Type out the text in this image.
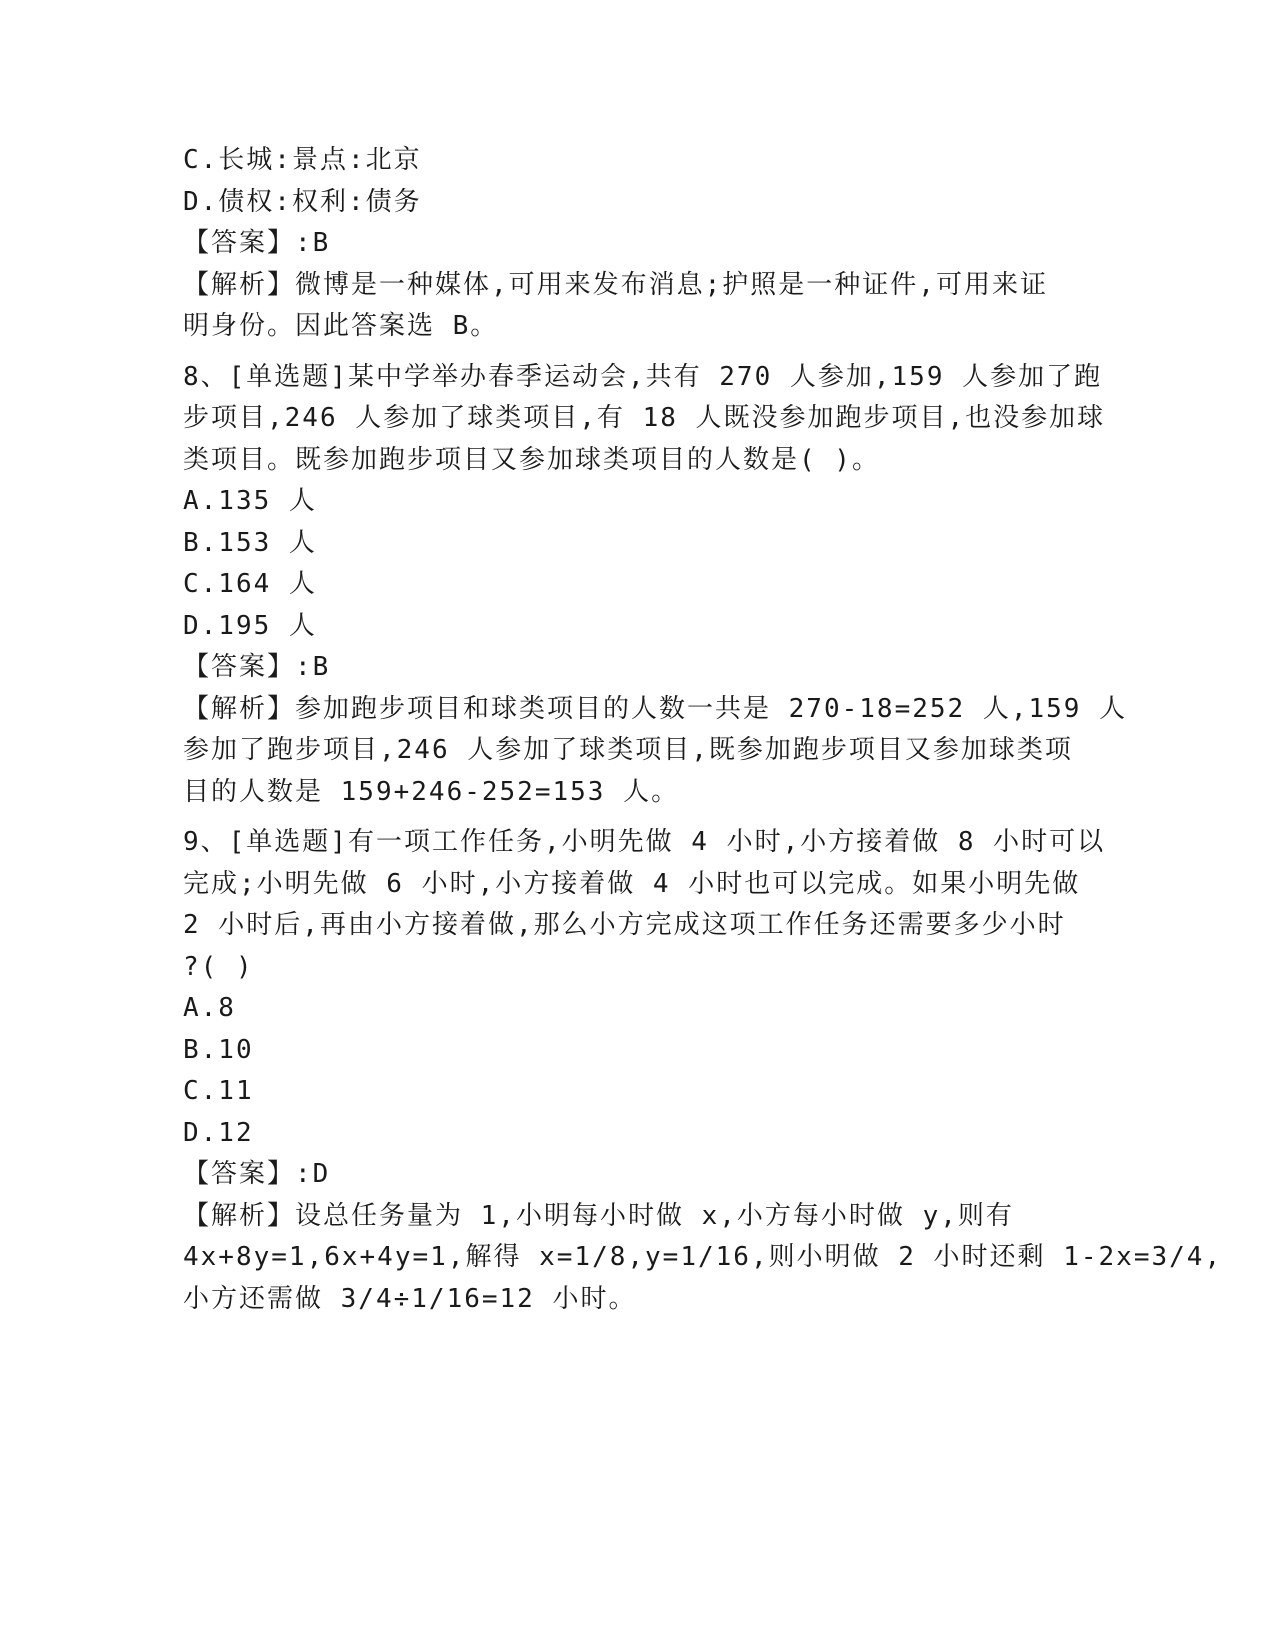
C.长城:景点:北京
D.债权:权利:债务
【答案】:B
【解析】微博是一种媒体,可用来发布消息;护照是一种证件,可用来证
明身份。因此答案选 B。
8、[单选题]某中学举办春季运动会,共有 270 人参加,159 人参加了跑
步项目,246 人参加了球类项目,有 18 人既没参加跑步项目,也没参加球
类项目。既参加跑步项目又参加球类项目的人数是( )。
A.135 人
B.153 人
C.164 人
D.195 人
【答案】:B
【解析】参加跑步项目和球类项目的人数一共是 270-18=252 人,159 人
参加了跑步项目,246 人参加了球类项目,既参加跑步项目又参加球类项
目的人数是 159+246-252=153 人。
9、[单选题]有一项工作任务,小明先做 4 小时,小方接着做 8 小时可以
完成;小明先做 6 小时,小方接着做 4 小时也可以完成。如果小明先做
2 小时后,再由小方接着做,那么小方完成这项工作任务还需要多少小时
?( )
A.8
B.10
C.11
D.12
【答案】:D
【解析】设总任务量为 1,小明每小时做 x,小方每小时做 y,则有
4x+8y=1,6x+4y=1,解得 x=1/8,y=1/16,则小明做 2 小时还剩 1-2x=3/4,
小方还需做 3/4÷1/16=12 小时。
